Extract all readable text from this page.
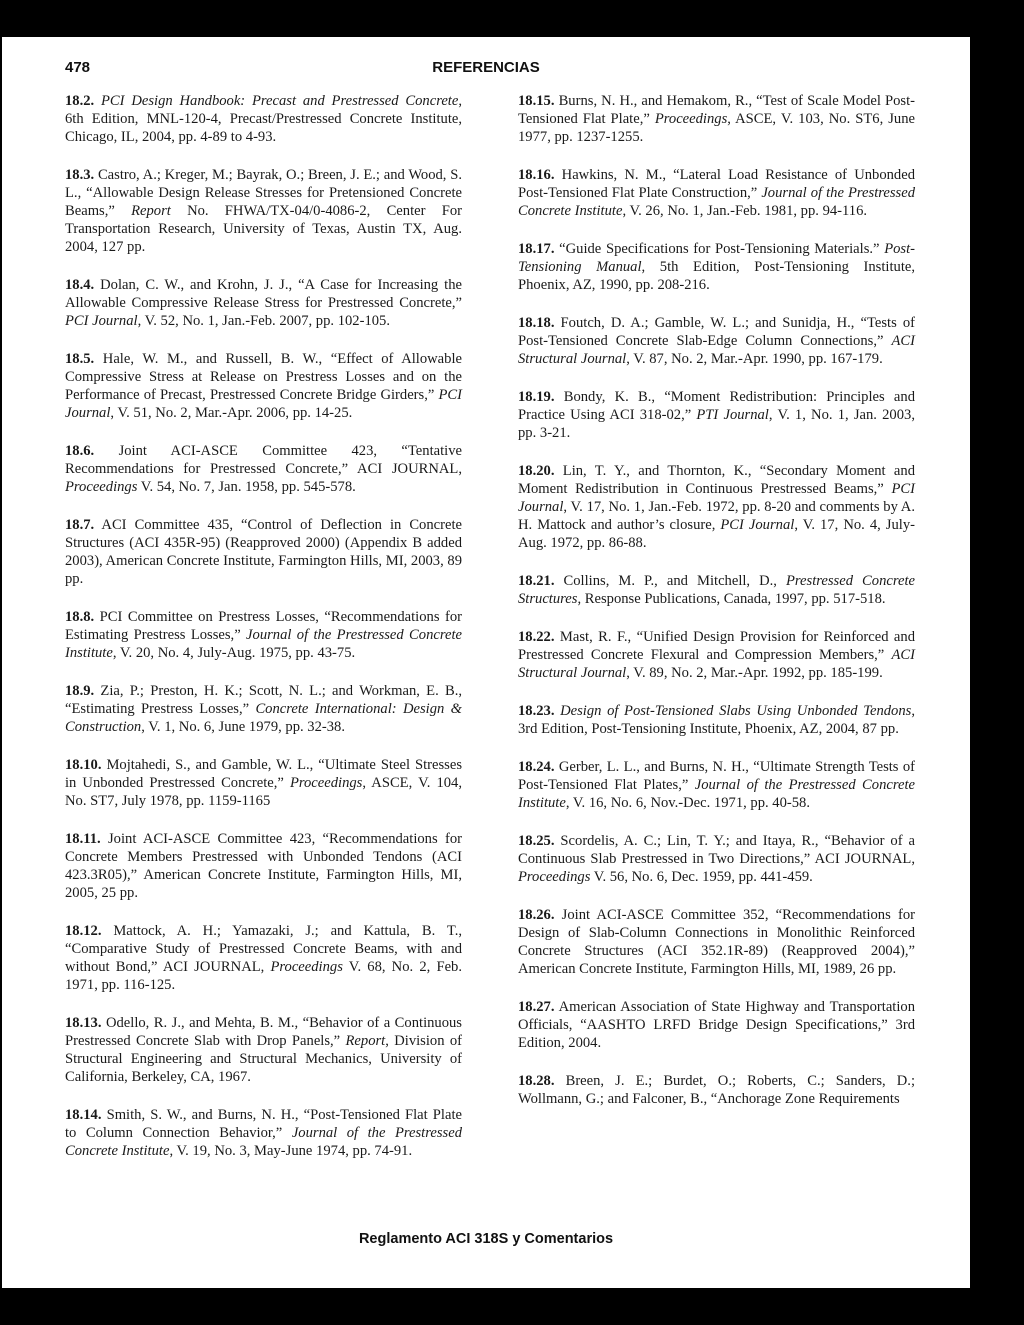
478	REFERENCIAS

18.2. PCI Design Handbook: Precast and Prestressed Concrete, 6th Edition, MNL-120-4, Precast/Prestressed Concrete Institute, Chicago, IL, 2004, pp. 4-89 to 4-93.

18.3. Castro, A.; Kreger, M.; Bayrak, O.; Breen, J. E.; and Wood, S. L., “Allowable Design Release Stresses for Pretensioned Concrete Beams,” Report No. FHWA/TX-04/0-4086-2, Center For Transportation Research, University of Texas, Austin TX, Aug. 2004, 127 pp.

18.4. Dolan, C. W., and Krohn, J. J., “A Case for Increasing the Allowable Compressive Release Stress for Prestressed Concrete,” PCI Journal, V. 52, No. 1, Jan.-Feb. 2007, pp. 102-105.

18.5. Hale, W. M., and Russell, B. W., “Effect of Allowable Compressive Stress at Release on Prestress Losses and on the Performance of Precast, Prestressed Concrete Bridge Girders,” PCI Journal, V. 51, No. 2, Mar.-Apr. 2006, pp. 14-25.

18.6. Joint ACI-ASCE Committee 423, “Tentative Recommendations for Prestressed Concrete,” ACI JOURNAL, Proceedings V. 54, No. 7, Jan. 1958, pp. 545-578.

18.7. ACI Committee 435, “Control of Deflection in Concrete Structures (ACI 435R-95) (Reapproved 2000) (Appendix B added 2003), American Concrete Institute, Farmington Hills, MI, 2003, 89 pp.

18.8. PCI Committee on Prestress Losses, “Recommendations for Estimating Prestress Losses,” Journal of the Prestressed Concrete Institute, V. 20, No. 4, July-Aug. 1975, pp. 43-75.

18.9. Zia, P.; Preston, H. K.; Scott, N. L.; and Workman, E. B., “Estimating Prestress Losses,” Concrete International: Design & Construction, V. 1, No. 6, June 1979, pp. 32-38.

18.10. Mojtahedi, S., and Gamble, W. L., “Ultimate Steel Stresses in Unbonded Prestressed Concrete,” Proceedings, ASCE, V. 104, No. ST7, July 1978, pp. 1159-1165

18.11. Joint ACI-ASCE Committee 423, “Recommendations for Concrete Members Prestressed with Unbonded Tendons (ACI 423.3R05),” American Concrete Institute, Farmington Hills, MI, 2005, 25 pp.

18.12. Mattock, A. H.; Yamazaki, J.; and Kattula, B. T., “Comparative Study of Prestressed Concrete Beams, with and without Bond,” ACI JOURNAL, Proceedings V. 68, No. 2, Feb. 1971, pp. 116-125.

18.13. Odello, R. J., and Mehta, B. M., “Behavior of a Continuous Prestressed Concrete Slab with Drop Panels,” Report, Division of Structural Engineering and Structural Mechanics, University of California, Berkeley, CA, 1967.

18.14. Smith, S. W., and Burns, N. H., “Post-Tensioned Flat Plate to Column Connection Behavior,” Journal of the Prestressed Concrete Institute, V. 19, No. 3, May-June 1974, pp. 74-91.

18.15. Burns, N. H., and Hemakom, R., “Test of Scale Model Post-Tensioned Flat Plate,” Proceedings, ASCE, V. 103, No. ST6, June 1977, pp. 1237-1255.

18.16. Hawkins, N. M., “Lateral Load Resistance of Unbonded Post-Tensioned Flat Plate Construction,” Journal of the Prestressed Concrete Institute, V. 26, No. 1, Jan.-Feb. 1981, pp. 94-116.

18.17. “Guide Specifications for Post-Tensioning Materials.” Post-Tensioning Manual, 5th Edition, Post-Tensioning Institute, Phoenix, AZ, 1990, pp. 208-216.

18.18. Foutch, D. A.; Gamble, W. L.; and Sunidja, H., “Tests of Post-Tensioned Concrete Slab-Edge Column Connections,” ACI Structural Journal, V. 87, No. 2, Mar.-Apr. 1990, pp. 167-179.

18.19. Bondy, K. B., “Moment Redistribution: Principles and Practice Using ACI 318-02,” PTI Journal, V. 1, No. 1, Jan. 2003, pp. 3-21.

18.20. Lin, T. Y., and Thornton, K., “Secondary Moment and Moment Redistribution in Continuous Prestressed Beams,” PCI Journal, V. 17, No. 1, Jan.-Feb. 1972, pp. 8-20 and comments by A. H. Mattock and author’s closure, PCI Journal, V. 17, No. 4, July-Aug. 1972, pp. 86-88.

18.21. Collins, M. P., and Mitchell, D., Prestressed Concrete Structures, Response Publications, Canada, 1997, pp. 517-518.

18.22. Mast, R. F., “Unified Design Provision for Reinforced and Prestressed Concrete Flexural and Compression Members,” ACI Structural Journal, V. 89, No. 2, Mar.-Apr. 1992, pp. 185-199.

18.23. Design of Post-Tensioned Slabs Using Unbonded Tendons, 3rd Edition, Post-Tensioning Institute, Phoenix, AZ, 2004, 87 pp.

18.24. Gerber, L. L., and Burns, N. H., “Ultimate Strength Tests of Post-Tensioned Flat Plates,” Journal of the Prestressed Concrete Institute, V. 16, No. 6, Nov.-Dec. 1971, pp. 40-58.

18.25. Scordelis, A. C.; Lin, T. Y.; and Itaya, R., “Behavior of a Continuous Slab Prestressed in Two Directions,” ACI JOURNAL, Proceedings V. 56, No. 6, Dec. 1959, pp. 441-459.

18.26. Joint ACI-ASCE Committee 352, “Recommendations for Design of Slab-Column Connections in Monolithic Reinforced Concrete Structures (ACI 352.1R-89) (Reapproved 2004),” American Concrete Institute, Farmington Hills, MI, 1989, 26 pp.

18.27. American Association of State Highway and Transportation Officials, “AASHTO LRFD Bridge Design Specifications,” 3rd Edition, 2004.

18.28. Breen, J. E.; Burdet, O.; Roberts, C.; Sanders, D.; Wollmann, G.; and Falconer, B., “Anchorage Zone Requirements

Reglamento ACI 318S y Comentarios
